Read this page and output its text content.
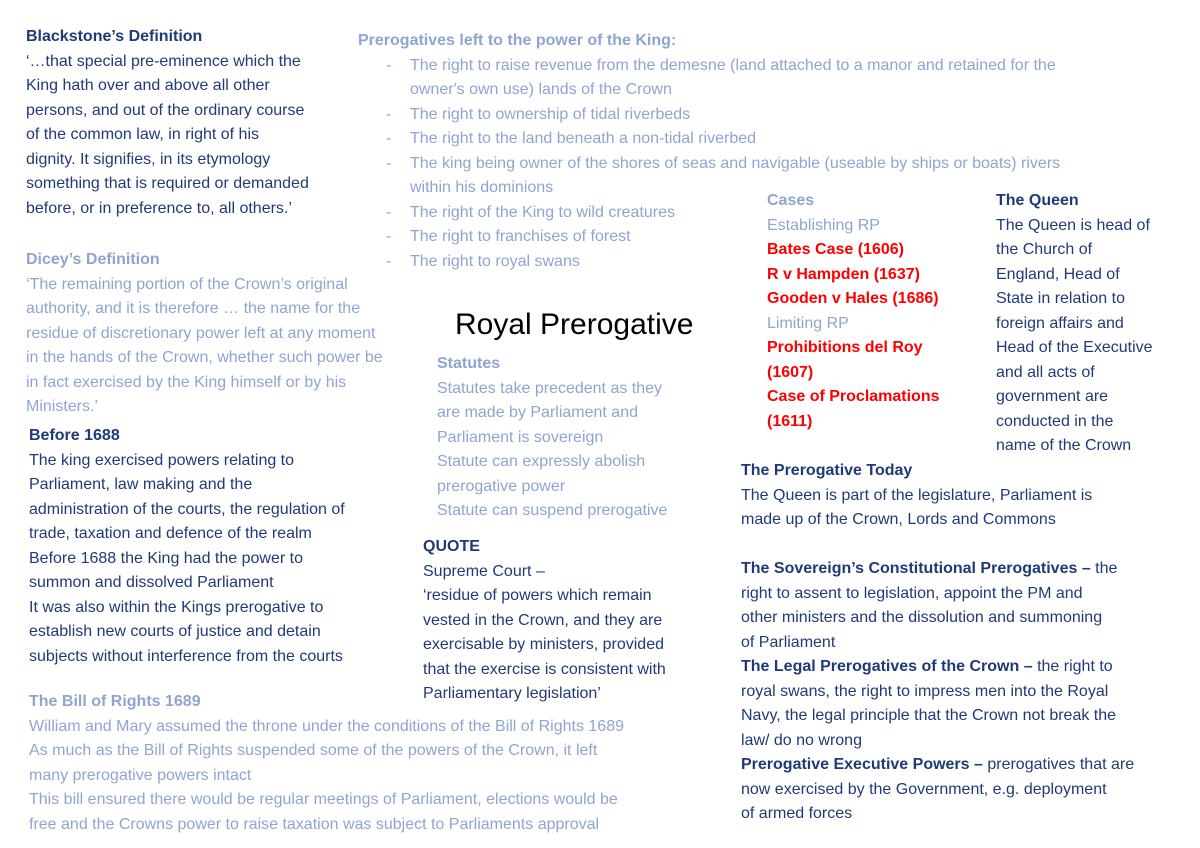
Royal Prerogative
Blackstone’s Definition
‘…that special pre-eminence which the
King hath over and above all other
persons, and out of the ordinary course
of the common law, in right of his
dignity. It signifies, in its etymology
something that is required or demanded
before, or in preference to, all others.’
Dicey’s Definition
‘The remaining portion of the Crown’s original
authority, and it is therefore … the name for the
residue of discretionary power left at any moment
in the hands of the Crown, whether such power be
in fact exercised by the King himself or by his
Ministers.’
Before 1688
The king exercised powers relating to
Parliament, law making and the
administration of the courts, the regulation of
trade, taxation and defence of the realm
Before 1688 the King had the power to
summon and dissolved Parliament
It was also within the Kings prerogative to
establish new courts of justice and detain
subjects without interference from the courts
The Bill of Rights 1689
William and Mary assumed the throne under the conditions of the Bill of Rights 1689
As much as the Bill of Rights suspended some of the powers of the Crown, it left
many prerogative powers intact
This bill ensured there would be regular meetings of Parliament, elections would be
free and the Crowns power to raise taxation was subject to Parliaments approval
Prerogatives left to the power of the King:
- The right to raise revenue from the demesne (land attached to a manor and retained for the
owner's own use) lands of the Crown
- The right to ownership of tidal riverbeds
- The right to the land beneath a non-tidal riverbed
- The king being owner of the shores of seas and navigable (useable by ships or boats) rivers
within his dominions
- The right of the King to wild creatures
- The right to franchises of forest
- The right to royal swans
Statutes
Statutes take precedent as they
are made by Parliament and
Parliament is sovereign
Statute can expressly abolish
prerogative power
Statute can suspend prerogative
QUOTE
Supreme Court –
‘residue of powers which remain
vested in the Crown, and they are
exercisable by ministers, provided
that the exercise is consistent with
Parliamentary legislation’
Cases
Establishing RP
Bates Case (1606)
R v Hampden (1637)
Gooden v Hales (1686)
Limiting RP
Prohibitions del Roy
(1607)
Case of Proclamations
(1611)
The Queen
The Queen is head of
the Church of
England, Head of
State in relation to
foreign affairs and
Head of the Executive
and all acts of
government are
conducted in the
name of the Crown
The Prerogative Today
The Queen is part of the legislature, Parliament is
made up of the Crown, Lords and Commons

The Sovereign’s Constitutional Prerogatives – the
right to assent to legislation, appoint the PM and
other ministers and the dissolution and summoning
of Parliament
The Legal Prerogatives of the Crown – the right to
royal swans, the right to impress men into the Royal
Navy, the legal principle that the Crown not break the
law/ do no wrong
Prerogative Executive Powers – prerogatives that are
now exercised by the Government, e.g. deployment
of armed forces
